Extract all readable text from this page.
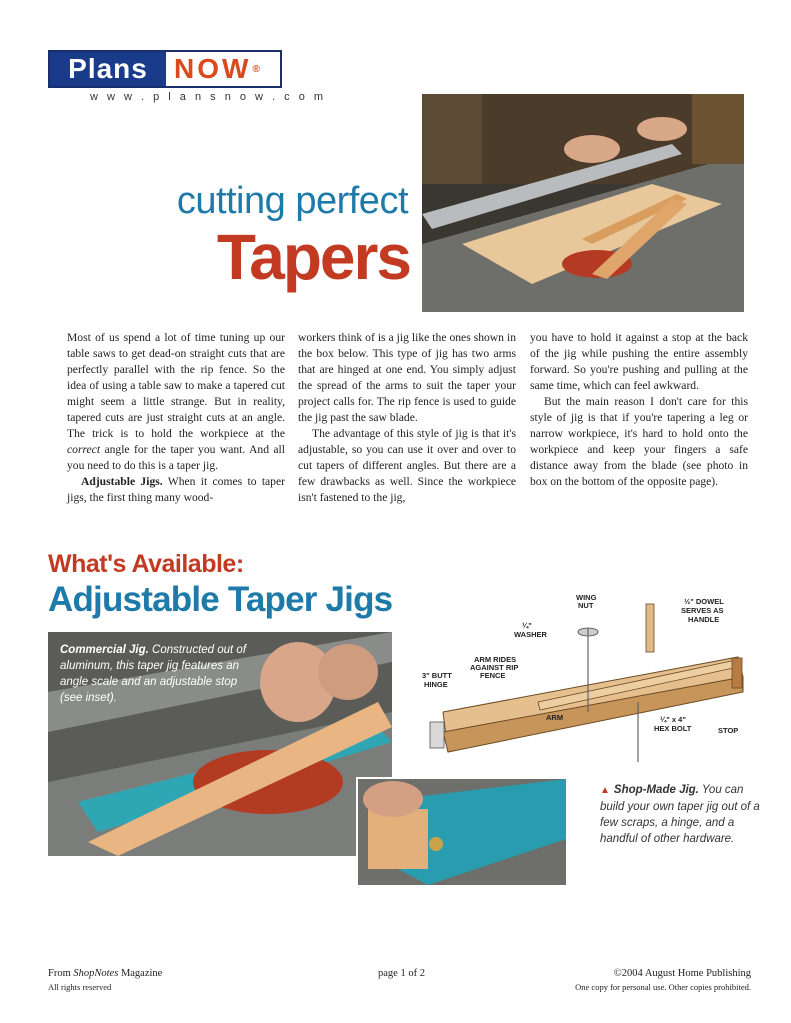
Plans NOW ®
w w w . p l a n s n o w . c o m
cutting perfect
Tapers

Most of us spend a lot of time tuning up our table saws to get dead-on straight cuts that are perfectly parallel with the rip fence. So the idea of using a table saw to make a tapered cut might seem a little strange. But in reality, tapered cuts are just straight cuts at an angle. The trick is to hold the workpiece at the correct angle for the taper you want. And all you need to do this is a taper jig.

Adjustable Jigs. When it comes to taper jigs, the first thing many wood-

workers think of is a jig like the ones shown in the box below. This type of jig has two arms that are hinged at one end. You simply adjust the spread of the arms to suit the taper your project calls for. The rip fence is used to guide the jig past the saw blade.

The advantage of this style of jig is that it's adjustable, so you can use it over and over to cut tapers of different angles. But there are a few drawbacks as well. Since the workpiece isn't fastened to the jig,

you have to hold it against a stop at the back of the jig while pushing the entire assembly forward. So you're pushing and pulling at the same time, which can feel awkward.

But the main reason I don't care for this style of jig is that if you're tapering a leg or narrow workpiece, it's hard to hold onto the workpiece and keep your fingers a safe distance away from the blade (see photo in box on the bottom of the opposite page).

What's Available:
Adjustable Taper Jigs
Commercial Jig. Constructed out of aluminum, this taper jig features an angle scale and an adjustable stop (see inset).
WING
NUT
¼"
WASHER
½" DOWEL
SERVES AS
HANDLE
ARM RIDES
AGAINST RIP
FENCE
3" BUTT
HINGE
ARM	¼" x 4"
HEX BOLT	STOP
▲ Shop-Made Jig. You can build your own taper jig out of a few scraps, a hinge, and a handful of other hardware.
From ShopNotes Magazine
All rights reserved
page 1 of 2	©2004 August Home Publishing
One copy for personal use. Other copies prohibited.
